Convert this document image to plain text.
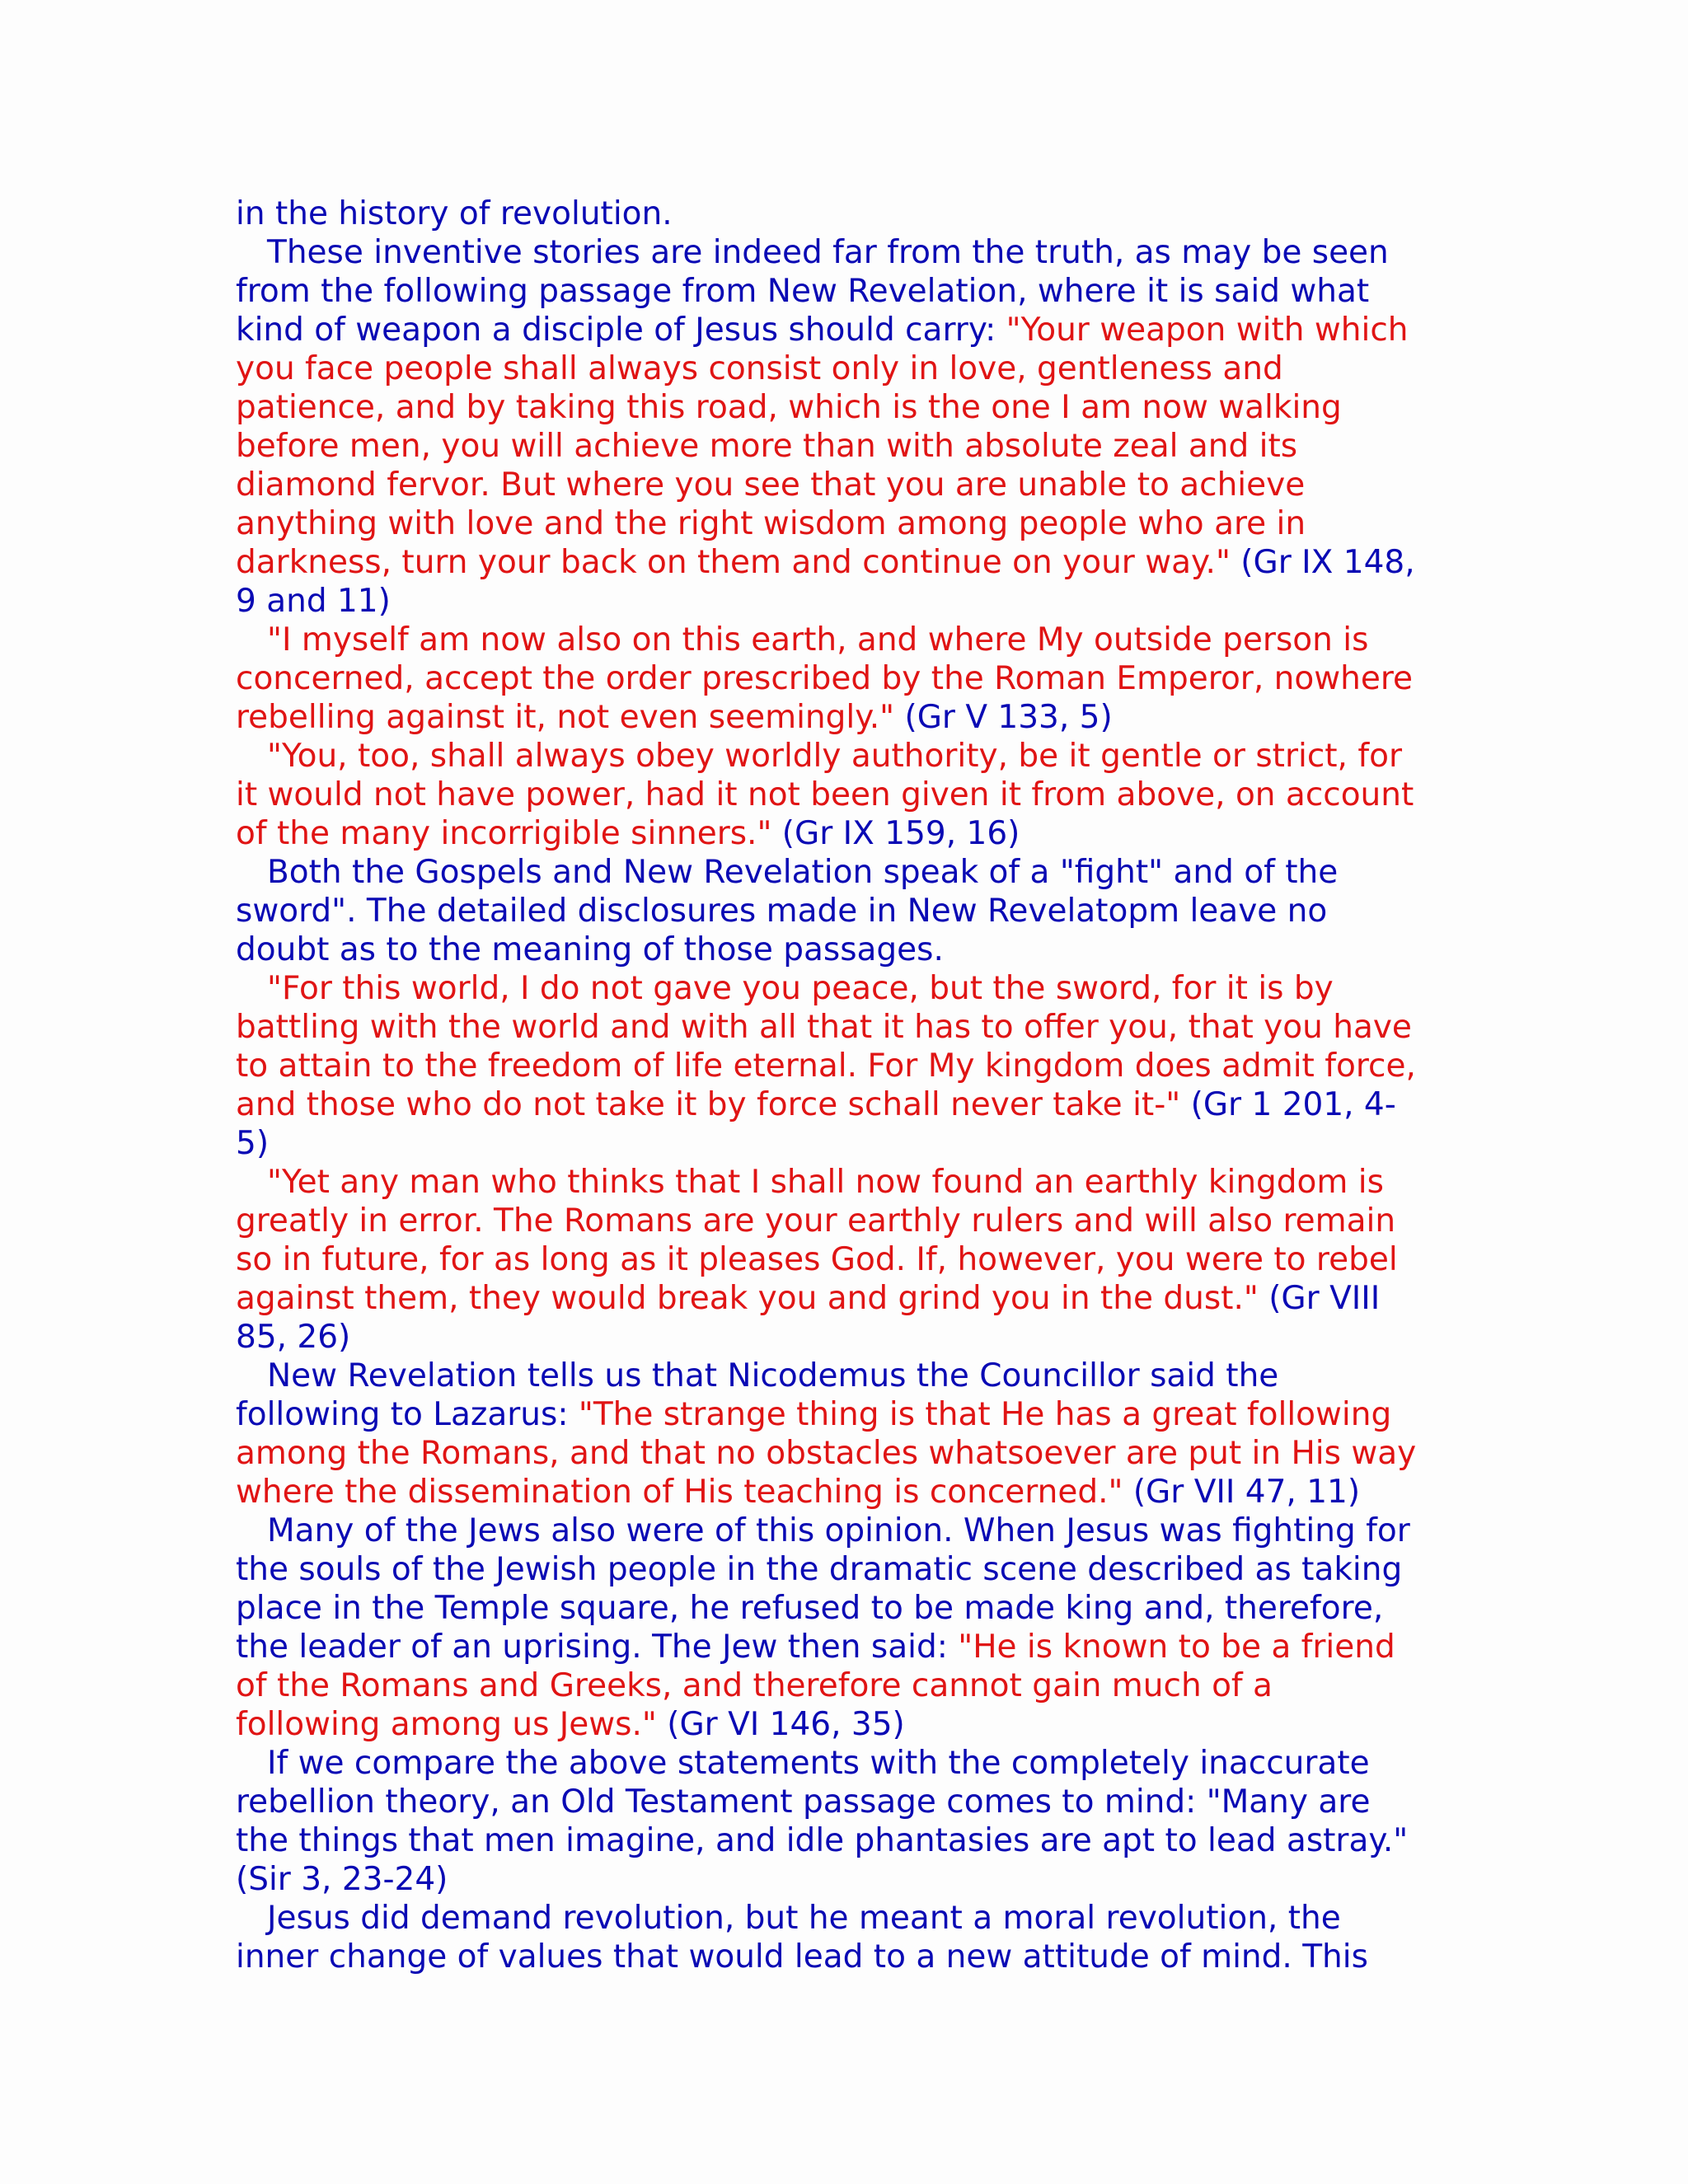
in the history of revolution.
These inventive stories are indeed far from the truth, as may be seen
from the following passage from New Revelation, where it is said what
kind of weapon a disciple of Jesus should carry: "Your weapon with which
you face people shall always consist only in love, gentleness and
patience, and by taking this road, which is the one I am now walking
before men, you will achieve more than with absolute zeal and its
diamond fervor. But where you see that you are unable to achieve
anything with love and the right wisdom among people who are in
darkness, turn your back on them and continue on your way." (Gr IX 148,
9 and 11)
"I myself am now also on this earth, and where My outside person is
concerned, accept the order prescribed by the Roman Emperor, nowhere
rebelling against it, not even seemingly." (Gr V 133, 5)
"You, too, shall always obey worldly authority, be it gentle or strict, for
it would not have power, had it not been given it from above, on account
of the many incorrigible sinners." (Gr IX 159, 16)
Both the Gospels and New Revelation speak of a "fight" and of the
sword". The detailed disclosures made in New Revelatopm leave no
doubt as to the meaning of those passages.
"For this world, I do not gave you peace, but the sword, for it is by
battling with the world and with all that it has to offer you, that you have
to attain to the freedom of life eternal. For My kingdom does admit force,
and those who do not take it by force schall never take it-" (Gr 1 201, 4-
5)
"Yet any man who thinks that I shall now found an earthly kingdom is
greatly in error. The Romans are your earthly rulers and will also remain
so in future, for as long as it pleases God. If, however, you were to rebel
against them, they would break you and grind you in the dust." (Gr VIII
85, 26)
New Revelation tells us that Nicodemus the Councillor said the
following to Lazarus: "The strange thing is that He has a great following
among the Romans, and that no obstacles whatsoever are put in His way
where the dissemination of His teaching is concerned." (Gr VII 47, 11)
Many of the Jews also were of this opinion. When Jesus was fighting for
the souls of the Jewish people in the dramatic scene described as taking
place in the Temple square, he refused to be made king and, therefore,
the leader of an uprising. The Jew then said: "He is known to be a friend
of the Romans and Greeks, and therefore cannot gain much of a
following among us Jews." (Gr VI 146, 35)
If we compare the above statements with the completely inaccurate
rebellion theory, an Old Testament passage comes to mind: "Many are
the things that men imagine, and idle phantasies are apt to lead astray."
(Sir 3, 23-24)
Jesus did demand revolution, but he meant a moral revolution, the
inner change of values that would lead to a new attitude of mind. This
